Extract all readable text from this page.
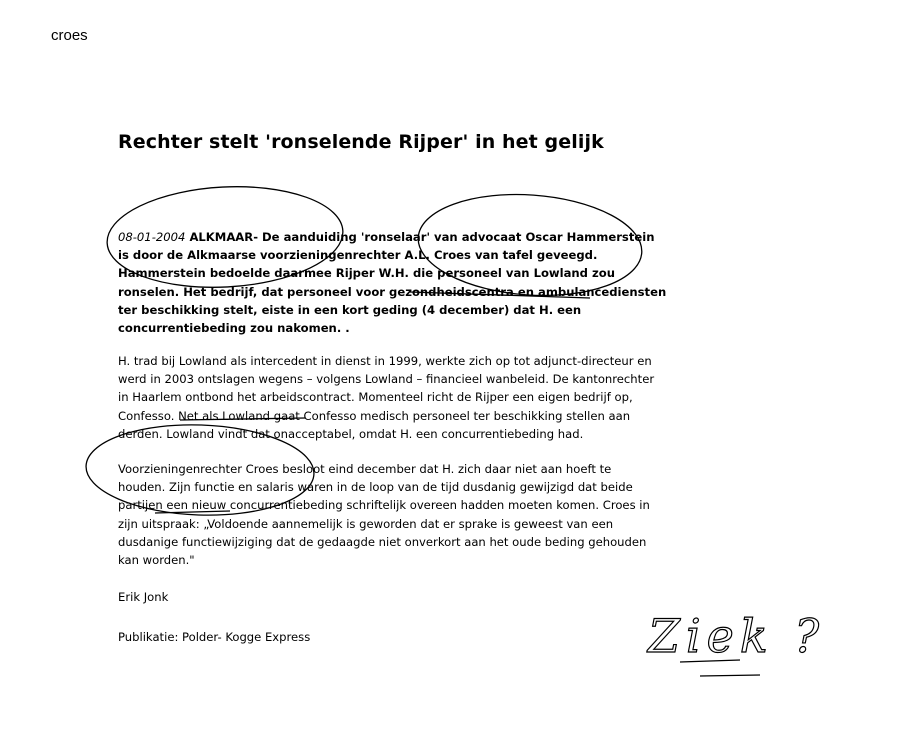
croes
Rechter stelt 'ronselende Rijper' in het gelijk
08-01-2004 ALKMAAR- De aanduiding 'ronselaar' van advocaat Oscar Hammerstein
is door de Alkmaarse voorzieningenrechter A.L. Croes van tafel geveegd.
Hammerstein bedoelde daarmee Rijper W.H. die personeel van Lowland zou
ronselen. Het bedrijf, dat personeel voor gezondheidscentra en ambulancediensten
ter beschikking stelt, eiste in een kort geding (4 december) dat H. een
concurrentiebeding zou nakomen. .
H. trad bij Lowland als intercedent in dienst in 1999, werkte zich op tot adjunct-directeur en
werd in 2003 ontslagen wegens – volgens Lowland – financieel wanbeleid. De kantonrechter
in Haarlem ontbond het arbeidscontract. Momenteel richt de Rijper een eigen bedrijf op,
Confesso. Net als Lowland gaat Confesso medisch personeel ter beschikking stellen aan
derden. Lowland vindt dat onacceptabel, omdat H. een concurrentiebeding had.
Voorzieningenrechter Croes besloot eind december dat H. zich daar niet aan hoeft te
houden. Zijn functie en salaris waren in de loop van de tijd dusdanig gewijzigd dat beide
partijen een nieuw concurrentiebeding schriftelijk overeen hadden moeten komen. Croes in
zijn uitspraak: „Voldoende aannemelijk is geworden dat er sprake is geweest van een
dusdanige functiewijziging dat de gedaagde niet onverkort aan het oude beding gehouden
kan worden."
Erik Jonk
Publikatie: Polder- Kogge Express	Ziek ?
